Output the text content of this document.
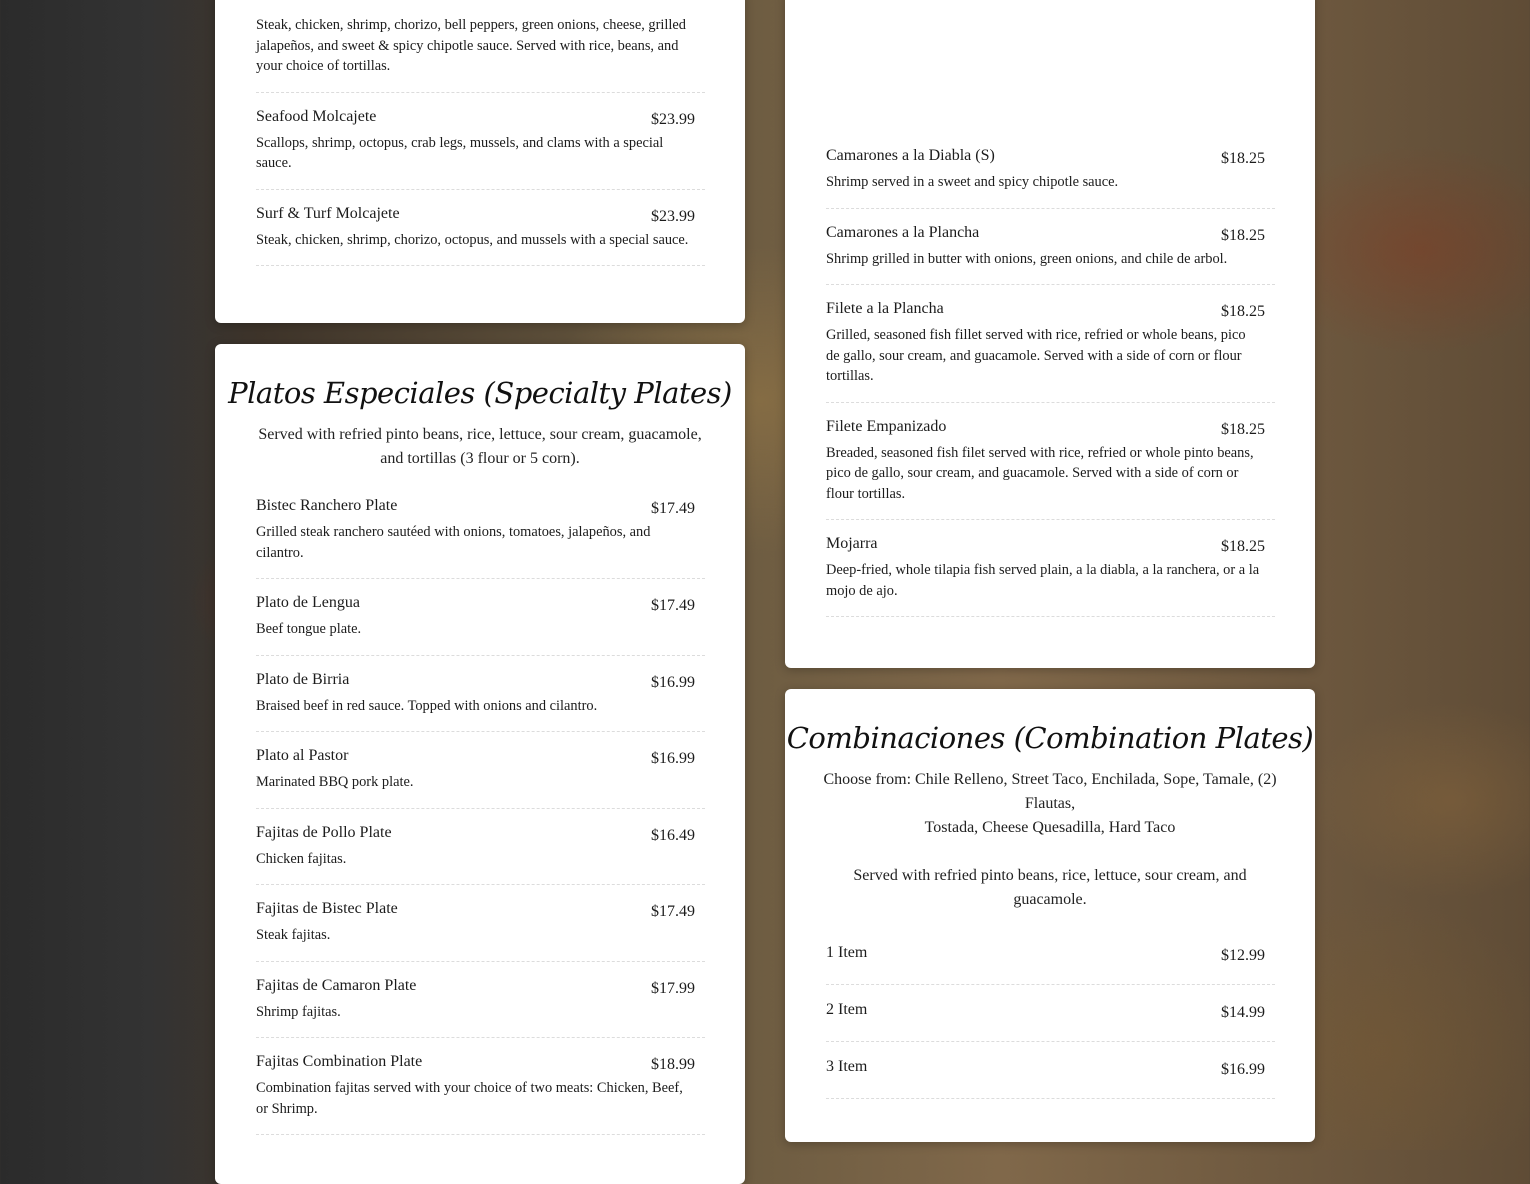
Steak, chicken, shrimp, chorizo, bell peppers, green onions, cheese, grilled jalapeños, and sweet & spicy chipotle sauce. Served with rice, beans, and your choice of tortillas.
Seafood Molcajete	$23.99
Scallops, shrimp, octopus, crab legs, mussels, and clams with a special sauce.
Surf & Turf Molcajete	$23.99
Steak, chicken, shrimp, chorizo, octopus, and mussels with a special sauce.
Platos Especiales (Specialty Plates)

Served with refried pinto beans, rice, lettuce, sour cream, guacamole, and tortillas (3 flour or 5 corn).

Bistec Ranchero Plate	$17.49
Grilled steak ranchero sautéed with onions, tomatoes, jalapeños, and cilantro.
Plato de Lengua	$17.49
Beef tongue plate.
Plato de Birria	$16.99
Braised beef in red sauce. Topped with onions and cilantro.
Plato al Pastor	$16.99
Marinated BBQ pork plate.
Fajitas de Pollo Plate	$16.49
Chicken fajitas.
Fajitas de Bistec Plate	$17.49
Steak fajitas.
Fajitas de Camaron Plate	$17.99
Shrimp fajitas.
Fajitas Combination Plate	$18.99
Combination fajitas served with your choice of two meats: Chicken, Beef, or Shrimp.
Camarones a la Diabla (S)	$18.25
Shrimp served in a sweet and spicy chipotle sauce.
Camarones a la Plancha	$18.25
Shrimp grilled in butter with onions, green onions, and chile de arbol.
Filete a la Plancha	$18.25
Grilled, seasoned fish fillet served with rice, refried or whole beans, pico de gallo, sour cream, and guacamole. Served with a side of corn or flour tortillas.
Filete Empanizado	$18.25
Breaded, seasoned fish filet served with rice, refried or whole pinto beans, pico de gallo, sour cream, and guacamole. Served with a side of corn or flour tortillas.
Mojarra	$18.25
Deep-fried, whole tilapia fish served plain, a la diabla, a la ranchera, or a la mojo de ajo.
Combinaciones (Combination Plates)

Choose from: Chile Relleno, Street Taco, Enchilada, Sope, Tamale, (2) Flautas,

Tostada, Cheese Quesadilla, Hard Taco

Served with refried pinto beans, rice, lettuce, sour cream, and guacamole.

1 Item	$12.99
2 Item	$14.99
3 Item	$16.99
